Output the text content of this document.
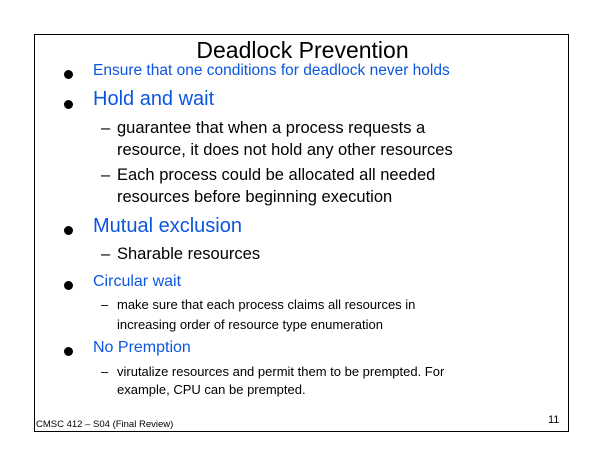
Deadlock Prevention
Ensure that one conditions for deadlock never holds
Hold and wait
– guarantee that when a process requests a
resource, it does not hold any other resources
– Each process could be allocated all needed
resources before beginning execution
Mutual exclusion
– Sharable resources
Circular wait
– make sure that each process claims all resources in
increasing order of resource type enumeration
No Premption
– virutalize resources and permit them to be prempted. For
example, CPU can be prempted.
CMSC 412 – S04 (Final Review)	11
